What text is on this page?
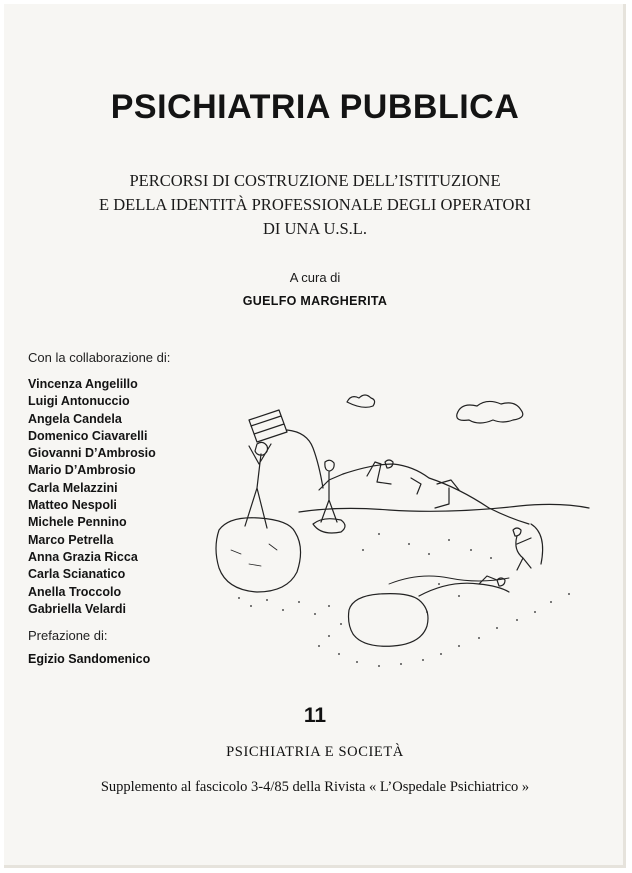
PSICHIATRIA PUBBLICA
PERCORSI DI COSTRUZIONE DELL’ISTITUZIONE
E DELLA IDENTITÀ PROFESSIONALE DEGLI OPERATORI
DI UNA U.S.L.
A cura di
GUELFO MARGHERITA
Con la collaborazione di:
Vincenza Angelillo
Luigi Antonuccio
Angela Candela
Domenico Ciavarelli
Giovanni D’Ambrosio
Mario D’Ambrosio
Carla Melazzini
Matteo Nespoli
Michele Pennino
Marco Petrella
Anna Grazia Ricca
Carla Scianatico
Anella Troccolo
Gabriella Velardi
Prefazione di:
Egizio Sandomenico
11
PSICHIATRIA E SOCIETÀ
Supplemento al fascicolo 3-4/85 della Rivista « L’Ospedale Psichiatrico »
